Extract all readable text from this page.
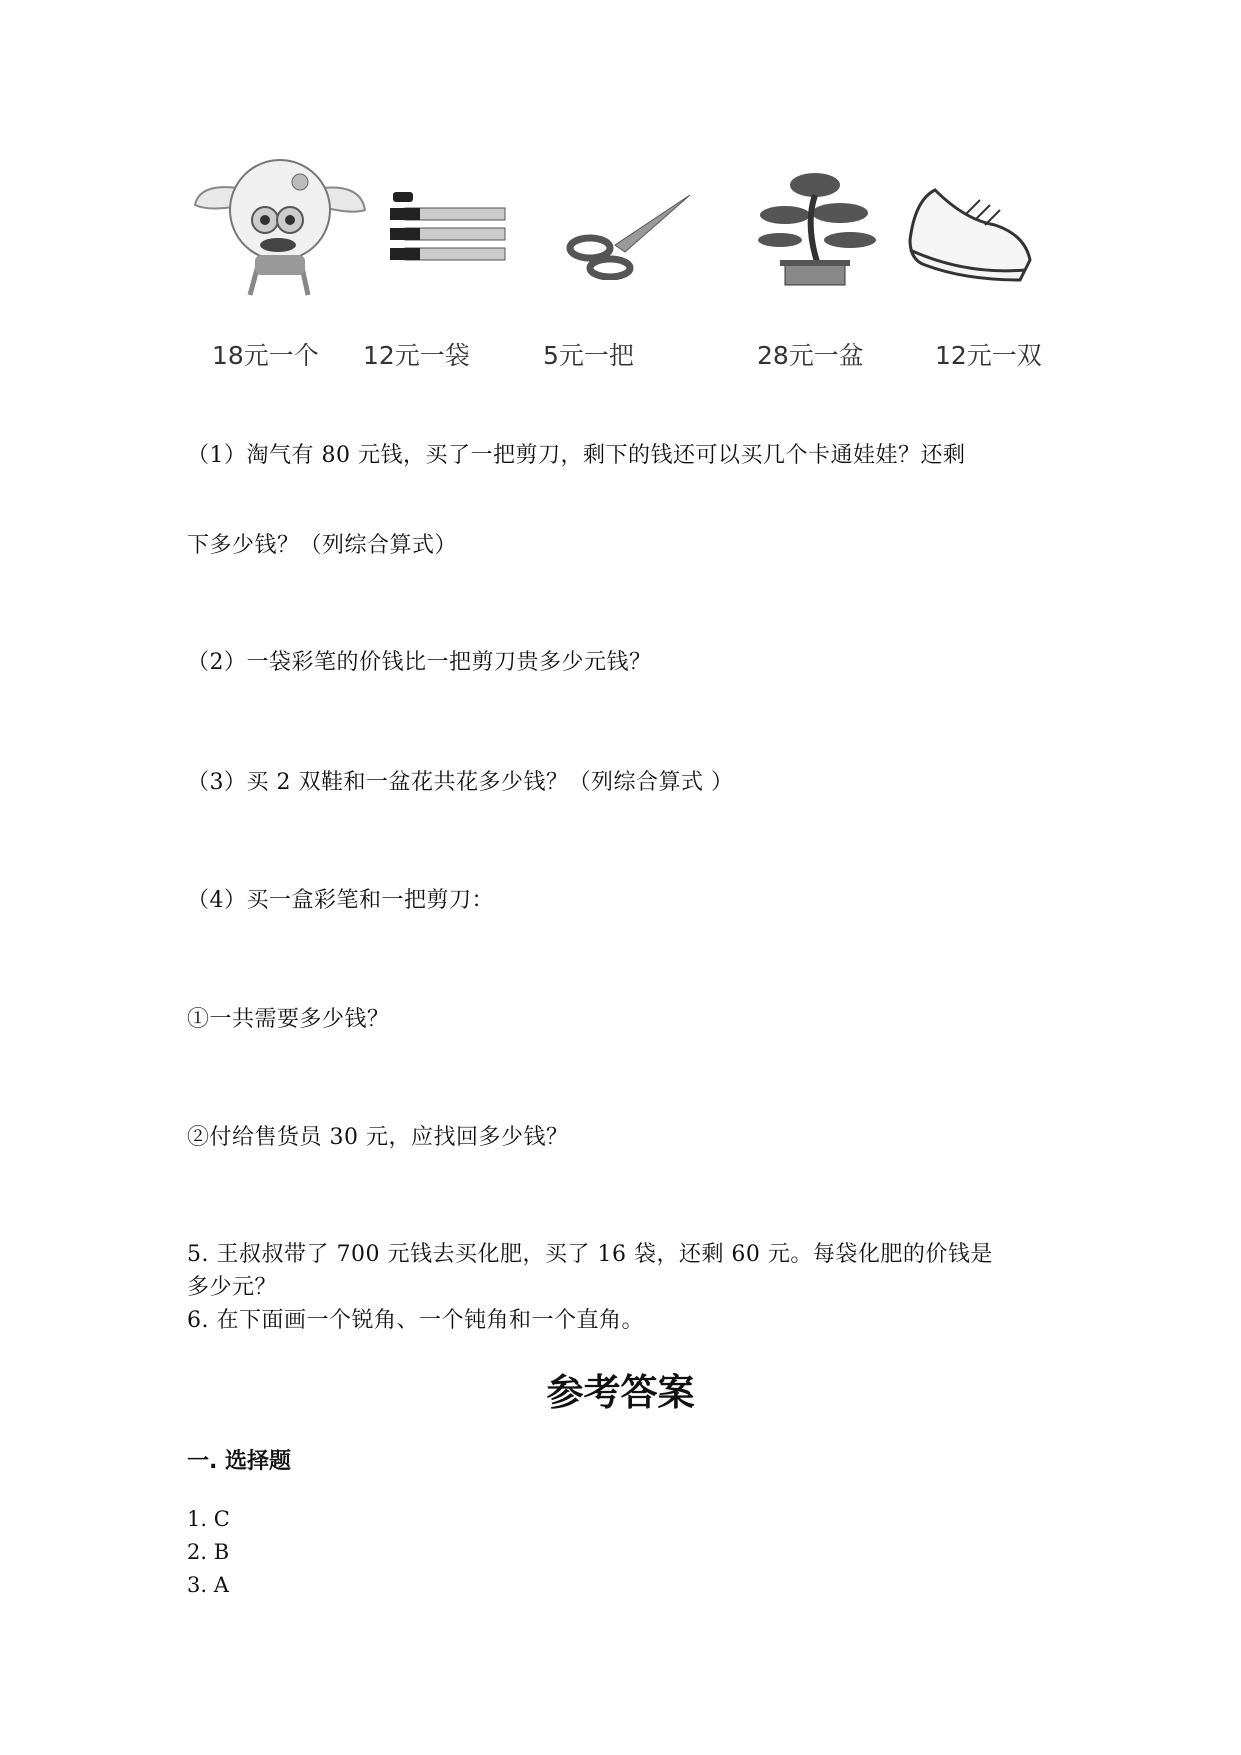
18元一个 12元一袋	5元一把	28元一盆	12元一双
（1）淘气有 80 元钱，买了一把剪刀，剩下的钱还可以买几个卡通娃娃？还剩
下多少钱？（列综合算式）
（2）一袋彩笔的价钱比一把剪刀贵多少元钱？
（3）买 2 双鞋和一盆花共花多少钱？（列综合算式 ）
（4）买一盒彩笔和一把剪刀：
①一共需要多少钱？
②付给售货员 30 元，应找回多少钱？
5. 王叔叔带了 700 元钱去买化肥，买了 16 袋，还剩 60 元。每袋化肥的价钱是
多少元？
6. 在下面画一个锐角、一个钝角和一个直角。
参考答案
一. 选择题
1. C
2. B
3. A
